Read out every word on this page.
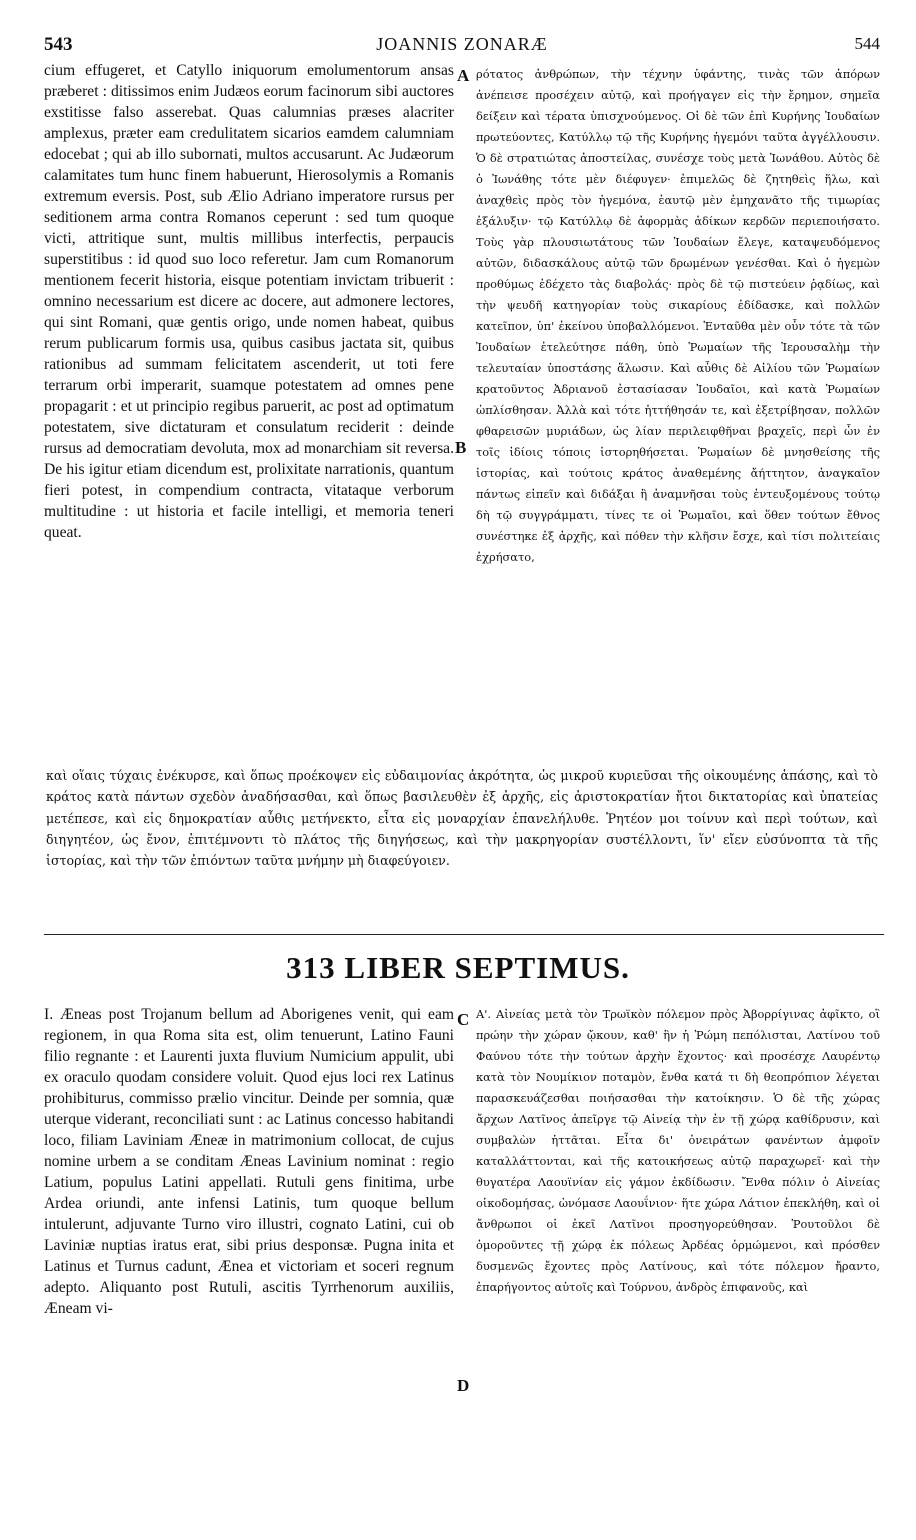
543	JOANNIS ZONARÆ	544

cium effugeret, et Catyllo iniquorum emolumentorum ansas præberet : ditissimos enim Judæos eorum facinorum sibi auctores exstitisse falso asserebat. Quas calumnias præses alacriter amplexus, præter eam credulitatem sicarios eamdem calumniam edocebat ; qui ab illo subornati, multos accusarunt. Ac Judæorum calamitates tum hunc finem habuerunt, Hierosolymis a Romanis extremum eversis. Post, sub Ælio Adriano imperatore rursus per seditionem arma contra Romanos ceperunt : sed tum quoque victi, attritique sunt, multis millibus interfectis, perpaucis superstitibus : id quod suo loco referetur. Jam cum Romanorum mentionem fecerit historia, eisque potentiam invictam tribuerit : omnino necessarium est dicere ac docere, aut admonere lectores, qui sint Romani, quæ gentis origo, unde nomen habeat, quibus rerum publicarum formis usa, quibus casibus jactata sit, quibus rationibus ad summam felicitatem ascenderit, ut toti fere terrarum orbi imperarit, suamque potestatem ad omnes pene propagarit : et ut principio regibus paruerit, ac post ad optimatum potestatem, sive dictaturam et consulatum reciderit : deinde rursus ad democratiam devoluta, mox ad monarchiam sit reversa. De his igitur etiam dicendum est, prolixitate narrationis, quantum fieri potest, in compendium contracta, vitataque verborum multitudine : ut historia et facile intelligi, et memoria teneri queat.

A
B

ρότατος ἀνθρώπων, τὴν τέχνην ὑφάντης, τινὰς τῶν ἀπόρων ἀνέπεισε προσέχειν αὐτῷ, καὶ προήγαγεν εἰς τὴν ἔρημον, σημεῖα δείξειν καὶ τέρατα ὑπισχνούμενος. Οἱ δὲ τῶν ἐπὶ Κυρήνης Ἰουδαίων πρωτεύοντες, Κατύλλῳ τῷ τῆς Κυρήνης ἡγεμόνι ταῦτα ἀγγέλλουσιν. Ὁ δὲ στρατιώτας ἀποστείλας, συνέσχε τοὺς μετὰ Ἰωνάθου. Αὐτὸς δὲ ὁ Ἰωνάθης τότε μὲν διέφυγεν· ἐπιμελῶς δὲ ζητηθεὶς ἥλω, καὶ ἀναχθεὶς πρὸς τὸν ἡγεμόνα, ἑαυτῷ μὲν ἐμηχανᾶτο τῆς τιμωρίας ἐξάλυξιν· τῷ Κατύλλῳ δὲ ἀφορμὰς ἀδίκων κερδῶν περιεποιήσατο. Τοὺς γὰρ πλουσιωτάτους τῶν Ἰουδαίων ἔλεγε, καταψευδόμενος αὐτῶν, διδασκάλους αὐτῷ τῶν δρωμένων γενέσθαι. Καὶ ὁ ἡγεμὼν προθύμως ἐδέχετο τὰς διαβολάς· πρὸς δὲ τῷ πιστεύειν ῥᾳδίως, καὶ τὴν ψευδῆ κατηγορίαν τοὺς σικαρίους ἐδίδασκε, καὶ πολλῶν κατεῖπον, ὑπ' ἐκείνου ὑποβαλλόμενοι. Ἐνταῦθα μὲν οὖν τότε τὰ τῶν Ἰουδαίων ἐτελεύτησε πάθη, ὑπὸ Ῥωμαίων τῆς Ἱερουσαλὴμ τὴν τελευταίαν ὑποστάσης ἅλωσιν. Καὶ αὖθις δὲ Αἰλίου τῶν Ῥωμαίων κρατοῦντος Ἀδριανοῦ ἐστασίασαν Ἰουδαῖοι, καὶ κατὰ Ῥωμαίων ὡπλίσθησαν. Ἀλλὰ καὶ τότε ἡττήθησάν τε, καὶ ἐξετρίβησαν, πολλῶν φθαρεισῶν μυριάδων, ὡς λίαν περιλειφθῆναι βραχεῖς, περὶ ὧν ἐν τοῖς ἰδίοις τόποις ἱστορηθήσεται. Ῥωμαίων δὲ μνησθείσης τῆς ἱστορίας, καὶ τούτοις κράτος ἀναθεμένης ἄήττητον, ἀναγκαῖον πάντως εἰπεῖν καὶ διδάξαι ἢ ἀναμνῆσαι τοὺς ἐντευξομένους τούτῳ δὴ τῷ συγγράμματι, τίνες τε οἱ Ῥωμαῖοι, καὶ ὅθεν τούτων ἔθνος συνέστηκε ἐξ ἀρχῆς, καὶ πόθεν τὴν κλῆσιν ἔσχε, καὶ τίσι πολιτείαις ἐχρήσατο,

καὶ οἵαις τύχαις ἐνέκυρσε, καὶ ὅπως προέκοψεν εἰς εὐδαιμονίας ἀκρότητα, ὡς μικροῦ κυριεῦσαι τῆς οἰκουμένης ἁπάσης, καὶ τὸ κράτος κατὰ πάντων σχεδὸν ἀναδήσασθαι, καὶ ὅπως βασιλευθὲν ἐξ ἀρχῆς, εἰς ἀριστοκρατίαν ἤτοι δικτατορίας καὶ ὑπατείας μετέπεσε, καὶ εἰς δημοκρατίαν αὖθις μετήνεκτο, εἶτα εἰς μοναρχίαν ἐπανελήλυθε. Ῥητέον μοι τοίνυν καὶ περὶ τούτων, καὶ διηγητέον, ὡς ἔνον, ἐπιτέμνοντι τὸ πλάτος τῆς διηγήσεως, καὶ τὴν μακρηγορίαν συστέλλοντι, ἵν' εἴεν εὐσύνοπτα τὰ τῆς ἱστορίας, καὶ τὴν τῶν ἐπιόντων ταῦτα μνήμην μὴ διαφεύγοιεν.
313 LIBER SEPTIMUS.

I. Æneas post Trojanum bellum ad Aborigenes venit, qui eam regionem, in qua Roma sita est, olim tenuerunt, Latino Fauni filio regnante : et Laurenti juxta fluvium Numicium appulit, ubi ex oraculo quodam considere voluit. Quod ejus loci rex Latinus prohibiturus, commisso prælio vincitur. Deinde per somnia, quæ uterque viderant, reconciliati sunt : ac Latinus concesso habitandi loco, filiam Laviniam Æneæ in matrimonium collocat, de cujus nomine urbem a se conditam Æneas Lavinium nominat : regio Latium, populus Latini appellati. Rutuli gens finitima, urbe Ardea oriundi, ante infensi Latinis, tum quoque bellum intulerunt, adjuvante Turno viro illustri, cognato Latini, cui ob Laviniæ nuptias iratus erat, sibi prius desponsæ. Pugna inita et Latinus et Turnus cadunt, Ænea et victoriam et soceri regnum adepto. Aliquanto post Rutuli, ascitis Tyrrhenorum auxiliis, Æneam vi-

C
D

Α'. Αἰνείας μετὰ τὸν Τρωϊκὸν πόλεμον πρὸς Ἀβορρίγινας ἀφῖκτο, οἳ πρώην τὴν χώραν ᾤκουν, καθ' ἣν ἡ Ῥώμη πεπόλισται, Λατίνου τοῦ Φαύνου τότε τὴν τούτων ἀρχὴν ἔχοντος· καὶ προσέσχε Λαυρέντῳ κατὰ τὸν Νουμίκιον ποταμὸν, ἔνθα κατά τι δὴ θεοπρόπιον λέγεται παρασκευάζεσθαι ποιήσασθαι τὴν κατοίκησιν. Ὁ δὲ τῆς χώρας ἄρχων Λατῖνος ἀπεῖργε τῷ Αἰνείᾳ τὴν ἐν τῇ χώρᾳ καθίδρυσιν, καὶ συμβαλὼν ἡττᾶται. Εἶτα δι' ὀνειράτων φανέντων ἀμφοῖν καταλλάττονται, καὶ τῆς κατοικήσεως αὐτῷ παραχωρεῖ· καὶ τὴν θυγατέρα Λαουϊνίαν εἰς γάμον ἐκδίδωσιν. Ἔνθα πόλιν ὁ Αἰνείας οἰκοδομήσας, ὠνόμασε Λαουΐνιον· ἥτε χώρα Λάτιον ἐπεκλήθη, καὶ οἱ ἄνθρωποι οἱ ἐκεῖ Λατῖνοι προσηγορεύθησαν. Ῥουτοῦλοι δὲ ὁμοροῦντες τῇ χώρᾳ ἐκ πόλεως Ἀρδέας ὁρμώμενοι, καὶ πρόσθεν δυσμενῶς ἔχοντες πρὸς Λατίνους, καὶ τότε πόλεμον ἤραντο, ἐπαρήγοντος αὐτοῖς καὶ Τούρνου, ἀνδρὸς ἐπιφανοῦς, καὶ
